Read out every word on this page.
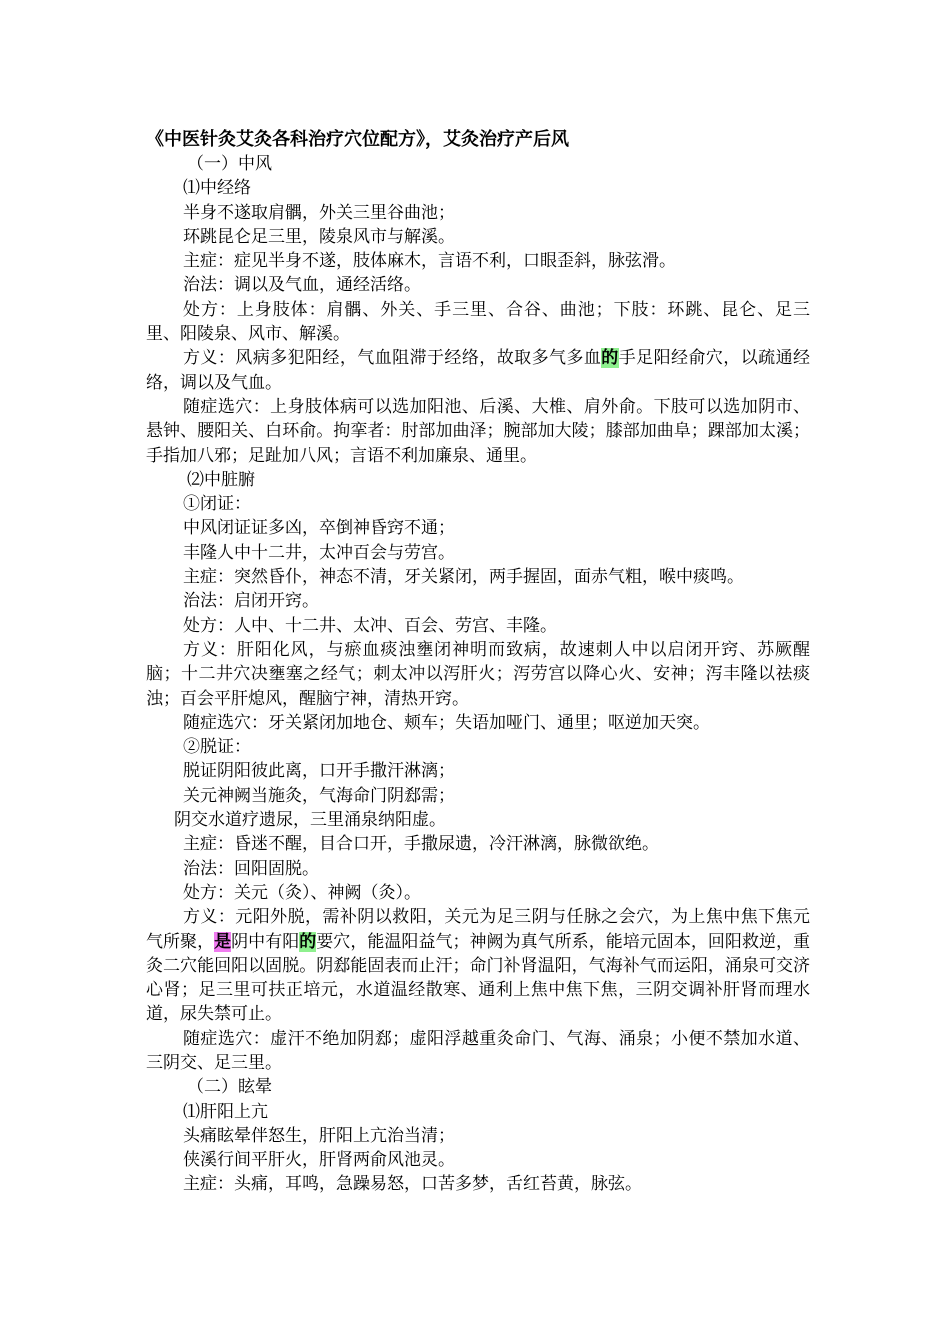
《中医针灸艾灸各科治疗穴位配方》，艾灸治疗产后风

（一）中风

⑴中经络

半身不遂取肩髃，外关三里谷曲池；

环跳昆仑足三里，陵泉风市与解溪。

主症：症见半身不遂，肢体麻木，言语不利，口眼歪斜，脉弦滑。

治法：调以及气血，通经活络。

处方：上身肢体：肩髃、外关、手三里、合谷、曲池；下肢：环跳、昆仑、足三里、阳陵泉、风市、解溪。

方义：风病多犯阳经，气血阻滞于经络，故取多气多血的手足阳经俞穴，以疏通经络，调以及气血。

随症选穴：上身肢体病可以选加阳池、后溪、大椎、肩外俞。下肢可以选加阴市、悬钟、腰阳关、白环俞。拘挛者：肘部加曲泽；腕部加大陵；膝部加曲阜；踝部加太溪；手指加八邪；足趾加八风；言语不利加廉泉、通里。

⑵中脏腑

①闭证：

中风闭证证多凶，卒倒神昏窍不通；

丰隆人中十二井，太冲百会与劳宫。

主症：突然昏仆，神态不清，牙关紧闭，两手握固，面赤气粗，喉中痰鸣。

治法：启闭开窍。

处方：人中、十二井、太冲、百会、劳宫、丰隆。

方义：肝阳化风，与瘀血痰浊壅闭神明而致病，故速刺人中以启闭开窍、苏厥醒脑；十二井穴决壅塞之经气；刺太冲以泻肝火；泻劳宫以降心火、安神；泻丰隆以祛痰浊；百会平肝熄风，醒脑宁神，清热开窍。

随症选穴：牙关紧闭加地仓、颊车；失语加哑门、通里；呕逆加天突。

②脱证：

脱证阴阳彼此离，口开手撒汗淋漓；

关元神阙当施灸，气海命门阴郄需；

阴交水道疗遗尿，三里涌泉纳阳虚。

主症：昏迷不醒，目合口开，手撒尿遗，冷汗淋漓，脉微欲绝。

治法：回阳固脱。

处方：关元（灸）、神阙（灸）。

方义：元阳外脱，需补阴以救阳，关元为足三阴与任脉之会穴，为上焦中焦下焦元气所聚，是阴中有阳的要穴，能温阳益气；神阙为真气所系，能培元固本，回阳救逆，重灸二穴能回阳以固脱。阴郄能固表而止汗；命门补肾温阳，气海补气而运阳，涌泉可交济心肾；足三里可扶正培元，水道温经散寒、通利上焦中焦下焦，三阴交调补肝肾而理水道，尿失禁可止。

随症选穴：虚汗不绝加阴郄；虚阳浮越重灸命门、气海、涌泉；小便不禁加水道、三阴交、足三里。

（二）眩晕

⑴肝阳上亢

头痛眩晕伴怒生，肝阳上亢治当清；

侠溪行间平肝火，肝肾两俞风池灵。

主症：头痛，耳鸣，急躁易怒，口苦多梦，舌红苔黄，脉弦。
